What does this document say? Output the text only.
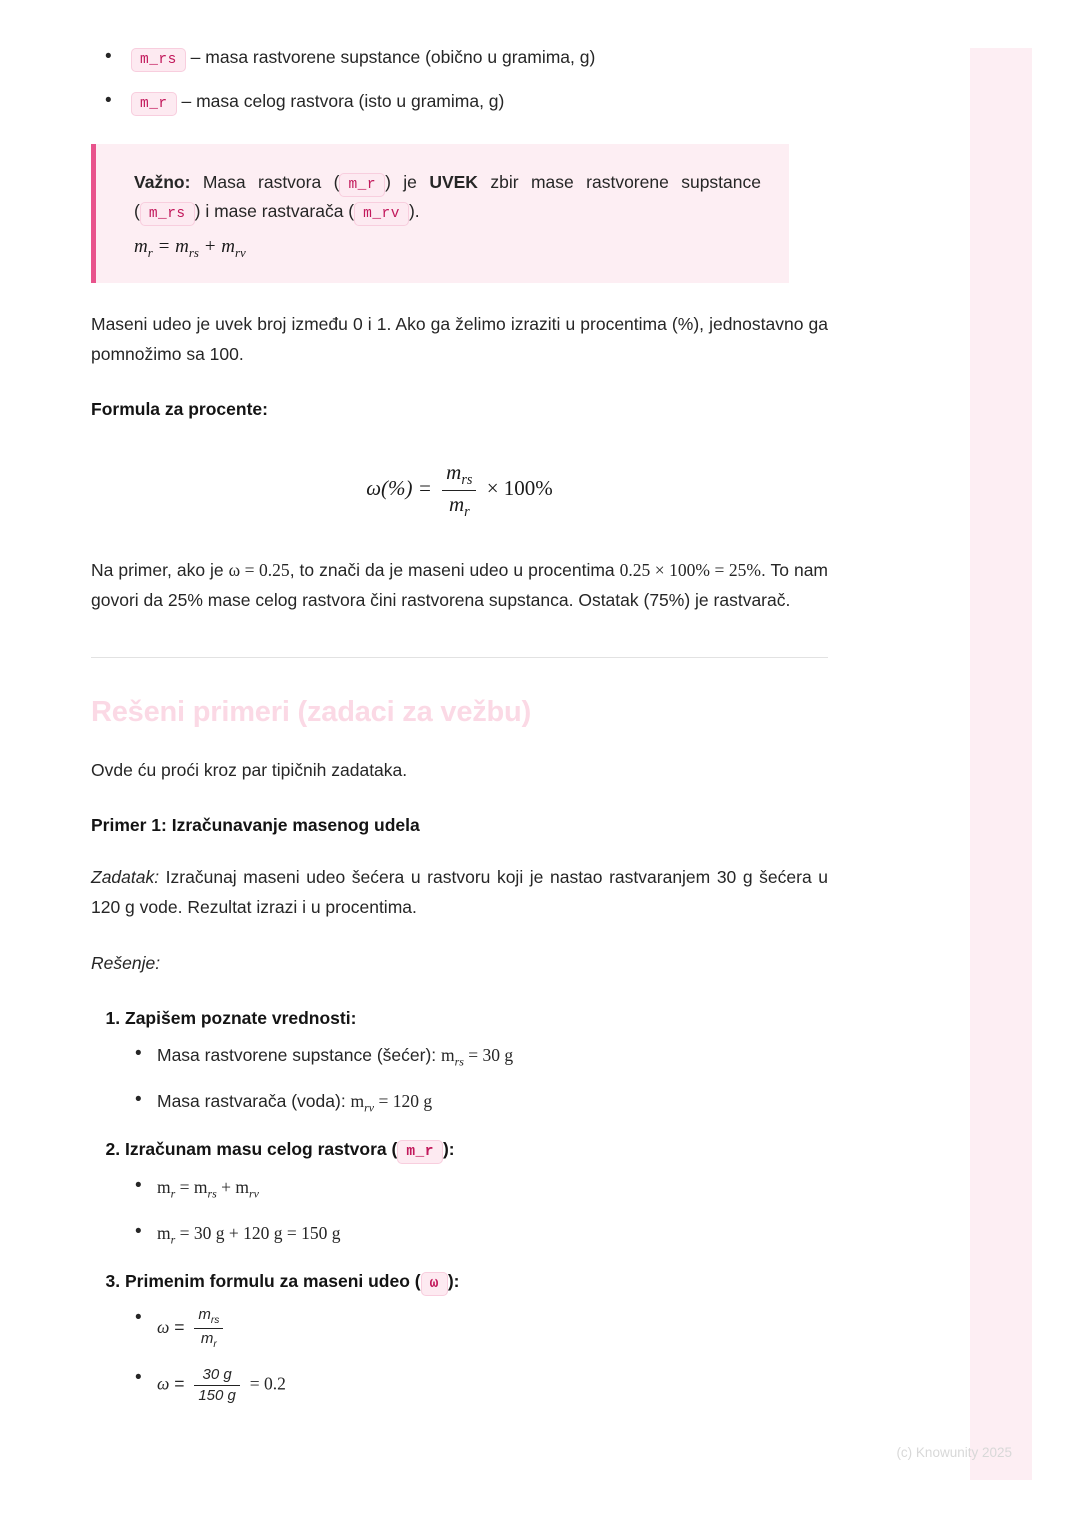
• m_rs – masa rastvorene supstance (obično u gramima, g)
• m_r – masa celog rastvora (isto u gramima, g)

Važno: Masa rastvora ( m_r ) je UVEK zbir mase rastvorene supstance ( m_rs ) i mase rastvarača ( m_rv ).

$m_r = m_{rs} + m_{rv}$

Maseni udeo je uvek broj između 0 i 1. Ako ga želimo izraziti u procentima (%), jednostavno ga pomnožimo sa 100.

Formula za procente:
$\omega(\%) = \frac{m_{rs}}{m_r} \times 100\%$

Na primer, ako je ω = 0.25, to znači da je maseni udeo u procentima 0.25 × 100% = 25%. To nam govori da 25% mase celog rastvora čini rastvorena supstanca. Ostatak (75%) je rastvarač.

Rešeni primeri (zadaci za vežbu)

Ovde ću proći kroz par tipičnih zadataka.

Primer 1: Izračunavanje masenog udela

Zadatak: Izračunaj maseni udeo šećera u rastvoru koji je nastao rastvaranjem 30 g šećera u 120 g vode. Rezultat izrazi i u procentima.

Rešenje:

1. Zapišem poznate vrednosti:
• Masa rastvorene supstance (šećer): $m_{rs} = 30$ g
• Masa rastvarača (voda): $m_{rv} = 120$ g
2. Izračunam masu celog rastvora ( m_r ):
• $m_r = m_{rs} + m_{rv}$
• $m_r = 30$ g + 120 g = 150 g
3. Primenim formulu za maseni udeo ( ω ):
• $\omega = \frac{m_{rs}}{m_r}$
• $\omega = \frac{30 g}{150 g} = 0.2$
(c) Knowunity 2025
